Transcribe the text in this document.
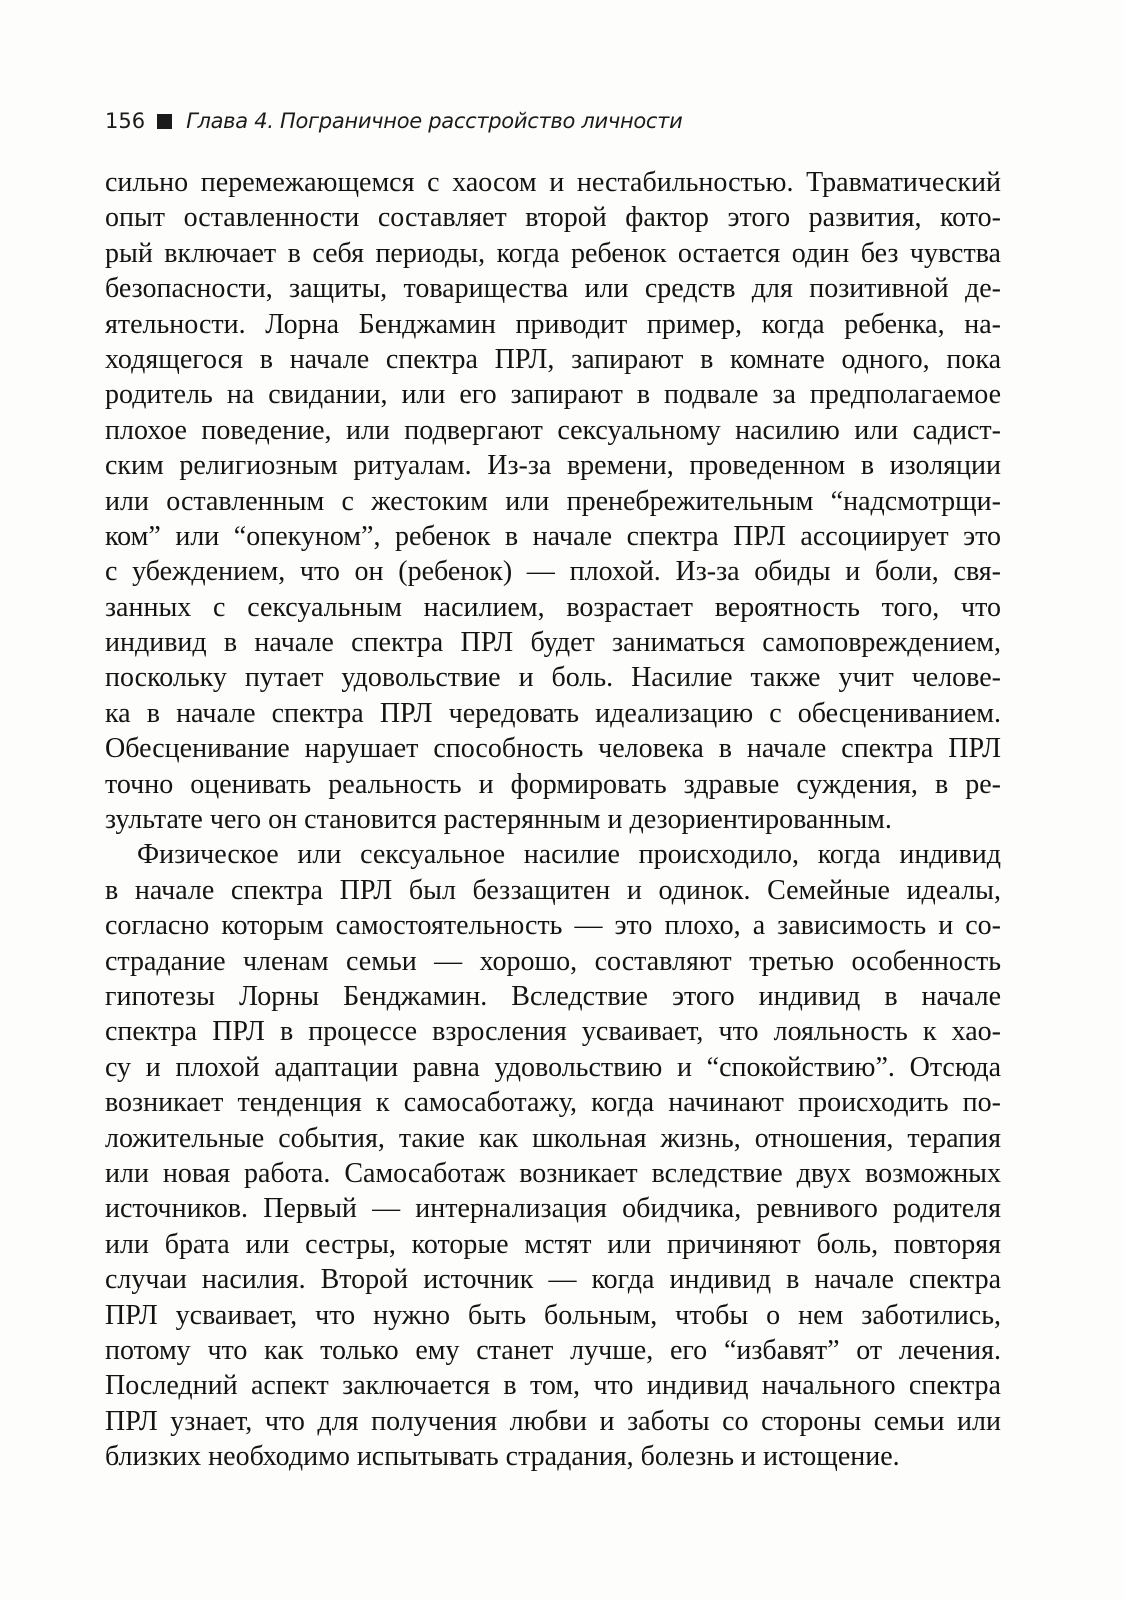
156 Глава 4. Пограничное расстройство личности
сильно перемежающемся с хаосом и нестабильностью. Травматический
опыт оставленности составляет второй фактор этого развития, кото-
рый включает в себя периоды, когда ребенок остается один без чувства
безопасности, защиты, товарищества или средств для позитивной де-
ятельности. Лорна Бенджамин приводит пример, когда ребенка, на-
ходящегося в начале спектра ПРЛ, запирают в комнате одного, пока
родитель на свидании, или его запирают в подвале за предполагаемое
плохое поведение, или подвергают сексуальному насилию или садист-
ским религиозным ритуалам. Из-за времени, проведенном в изоляции
или оставленным с жестоким или пренебрежительным “надсмотрщи-
ком” или “опекуном”, ребенок в начале спектра ПРЛ ассоциирует это
с убеждением, что он (ребенок) — плохой. Из-за обиды и боли, свя-
занных с сексуальным насилием, возрастает вероятность того, что
индивид в начале спектра ПРЛ будет заниматься самоповреждением,
поскольку путает удовольствие и боль. Насилие также учит челове-
ка в начале спектра ПРЛ чередовать идеализацию с обесцениванием.
Обесценивание нарушает способность человека в начале спектра ПРЛ
точно оценивать реальность и формировать здравые суждения, в ре-
зультате чего он становится растерянным и дезориентированным.
Физическое или сексуальное насилие происходило, когда индивид
в начале спектра ПРЛ был беззащитен и одинок. Семейные идеалы,
согласно которым самостоятельность — это плохо, а зависимость и со-
страдание членам семьи — хорошо, составляют третью особенность
гипотезы Лорны Бенджамин. Вследствие этого индивид в начале
спектра ПРЛ в процессе взросления усваивает, что лояльность к хао-
су и плохой адаптации равна удовольствию и “спокойствию”. Отсюда
возникает тенденция к самосаботажу, когда начинают происходить по-
ложительные события, такие как школьная жизнь, отношения, терапия
или новая работа. Самосаботаж возникает вследствие двух возможных
источников. Первый — интернализация обидчика, ревнивого родителя
или брата или сестры, которые мстят или причиняют боль, повторяя
случаи насилия. Второй источник — когда индивид в начале спектра
ПРЛ усваивает, что нужно быть больным, чтобы о нем заботились,
потому что как только ему станет лучше, его “избавят” от лечения.
Последний аспект заключается в том, что индивид начального спектра
ПРЛ узнает, что для получения любви и заботы со стороны семьи или
близких необходимо испытывать страдания, болезнь и истощение.
